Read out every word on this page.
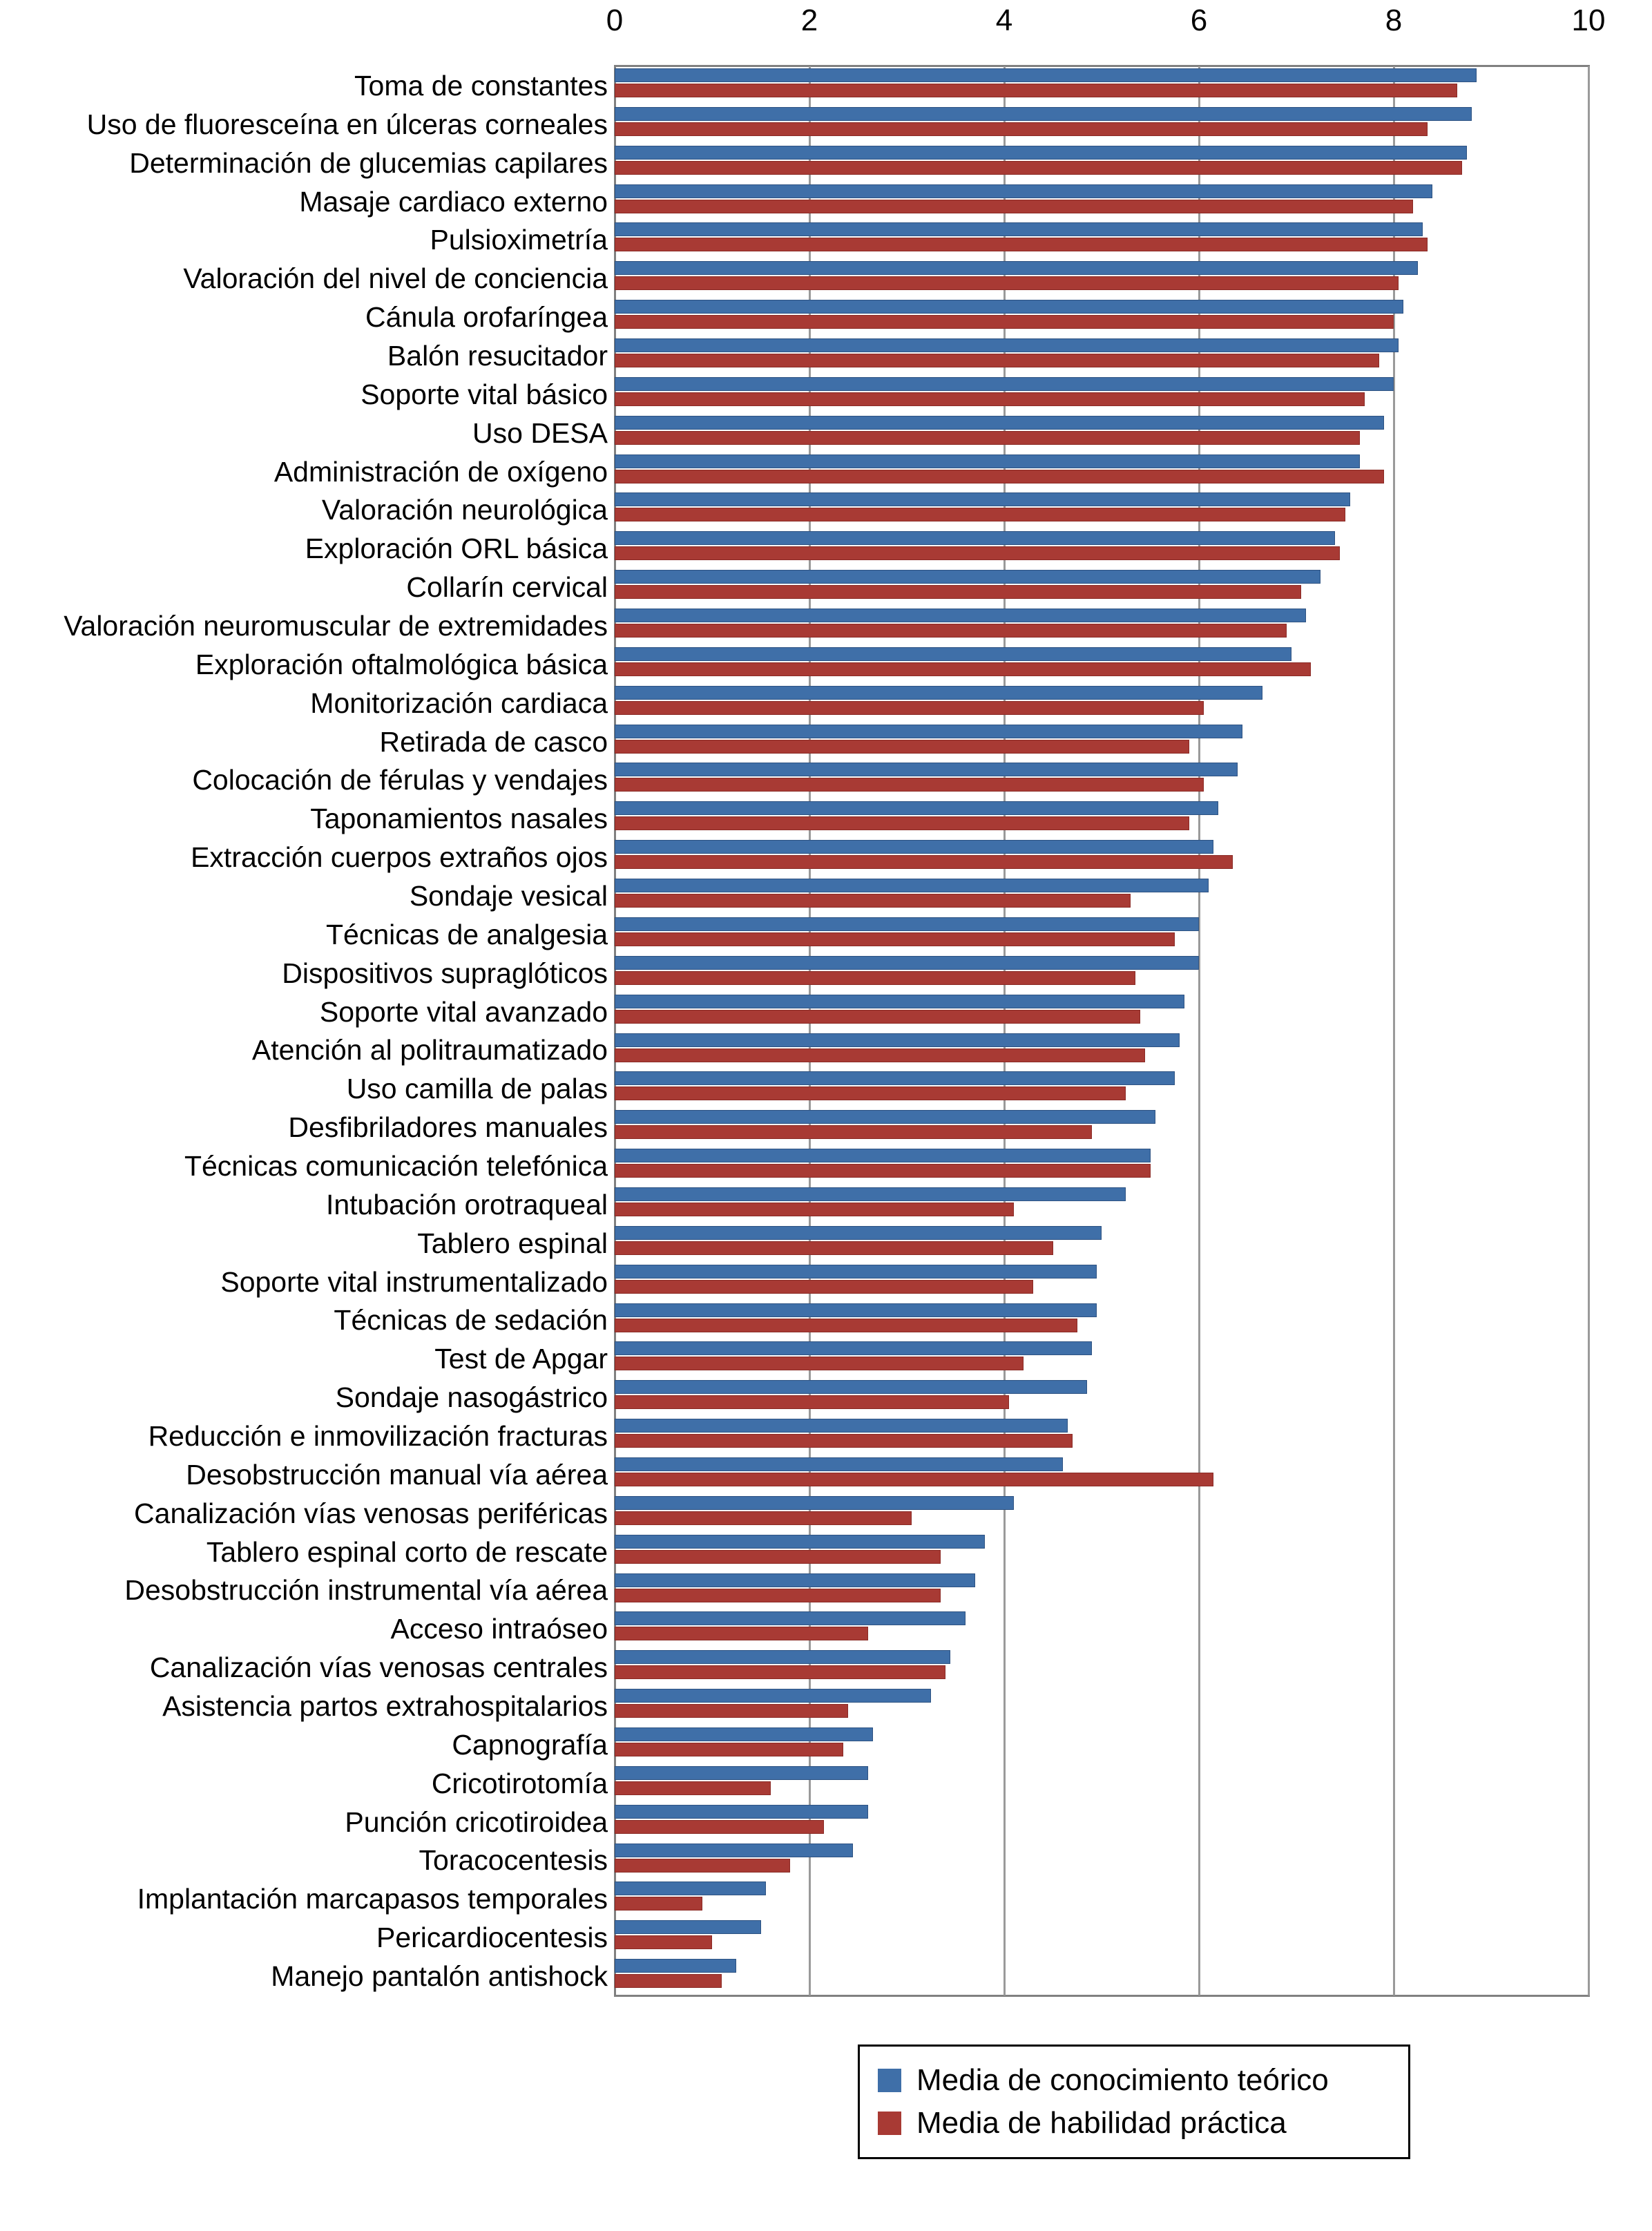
0	2	4	6	8	10
Toma de constantes
Uso de fluoresceína en úlceras corneales
Determinación de glucemias capilares
Masaje cardiaco externo
Pulsioximetría
Valoración del nivel de conciencia
Cánula orofaríngea
Balón resucitador
Soporte vital básico
Uso DESA
Administración de oxígeno
Valoración neurológica
Exploración ORL básica
Collarín cervical
Valoración neuromuscular de extremidades
Exploración oftalmológica básica
Monitorización cardiaca
Retirada de casco
Colocación de férulas y vendajes
Taponamientos nasales
Extracción cuerpos extraños ojos
Sondaje vesical
Técnicas de analgesia
Dispositivos supraglóticos
Soporte vital avanzado
Atención al politraumatizado
Uso camilla de palas
Desfibriladores manuales
Técnicas comunicación telefónica
Intubación orotraqueal
Tablero espinal
Soporte vital instrumentalizado
Técnicas de sedación
Test de Apgar
Sondaje nasogástrico
Reducción e inmovilización fracturas
Desobstrucción manual vía aérea
Canalización vías venosas periféricas
Tablero espinal corto de rescate
Desobstrucción instrumental vía aérea
Acceso intraóseo
Canalización vías venosas centrales
Asistencia partos extrahospitalarios
Capnografía
Cricotirotomía
Punción cricotiroidea
Toracocentesis
Implantación marcapasos temporales
Pericardiocentesis
Manejo pantalón antishock
Media de conocimiento teórico
Media de habilidad práctica
